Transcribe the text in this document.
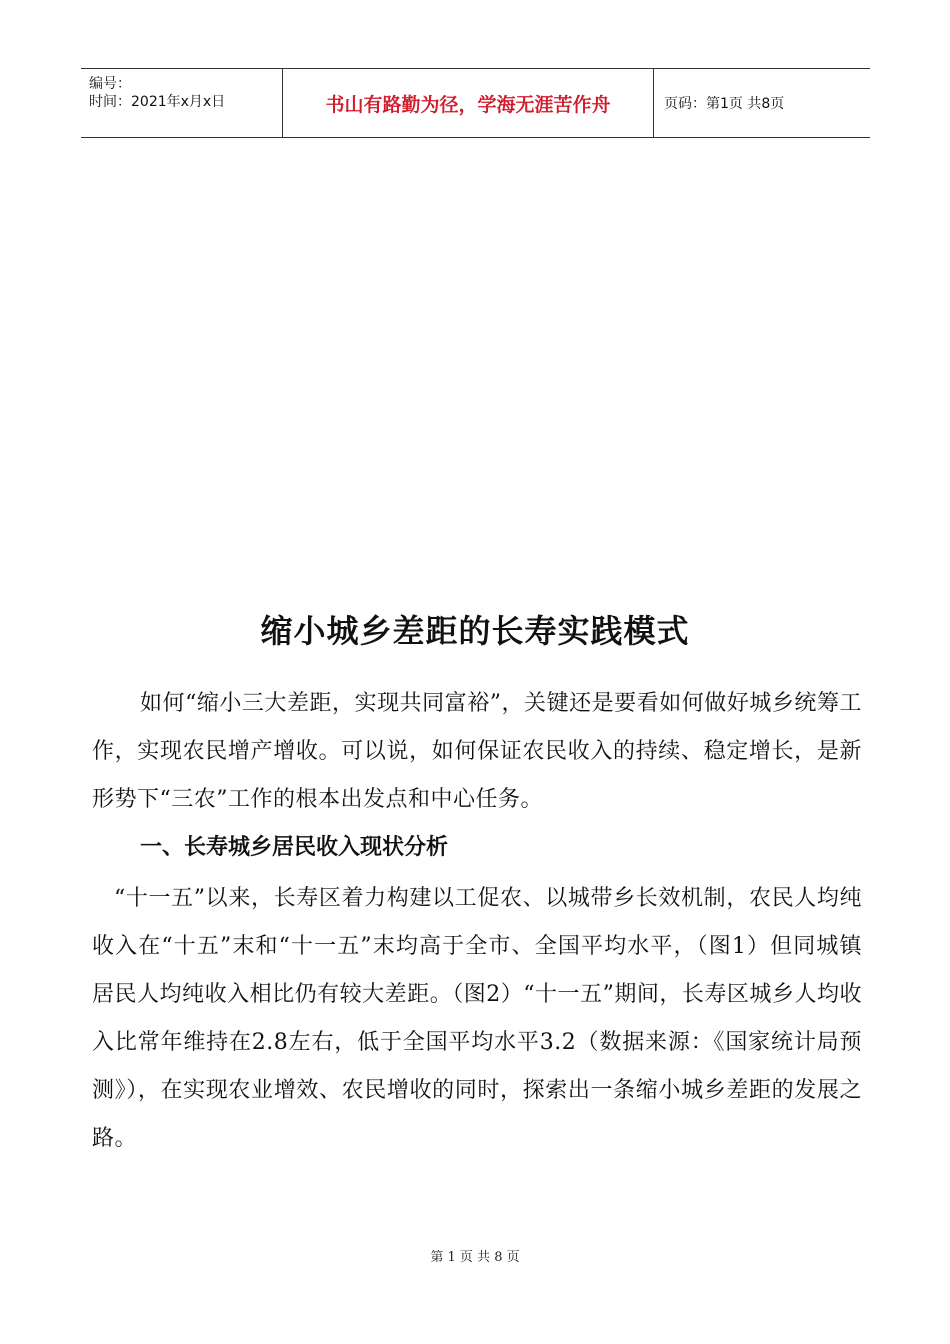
编号：
时间：2021年x月x日	书山有路勤为径，学海无涯苦作舟	页码：第1页 共8页
缩小城乡差距的长寿实践模式
如何“缩小三大差距，实现共同富裕”，关键还是要看如何做好城乡统筹工作，实现农民增产增收。可以说，如何保证农民收入的持续、稳定增长，是新形势下“三农”工作的根本出发点和中心任务。
一、长寿城乡居民收入现状分析
“十一五”以来，长寿区着力构建以工促农、以城带乡长效机制，农民人均纯收入在“十五”末和“十一五”末均高于全市、全国平均水平，（图1）但同城镇居民人均纯收入相比仍有较大差距。（图2）“十一五”期间，长寿区城乡人均收入比常年维持在2.8左右，低于全国平均水平3.2（数据来源：《国家统计局预测》），在实现农业增效、农民增收的同时，探索出一条缩小城乡差距的发展之路。
第 1 页 共 8 页
